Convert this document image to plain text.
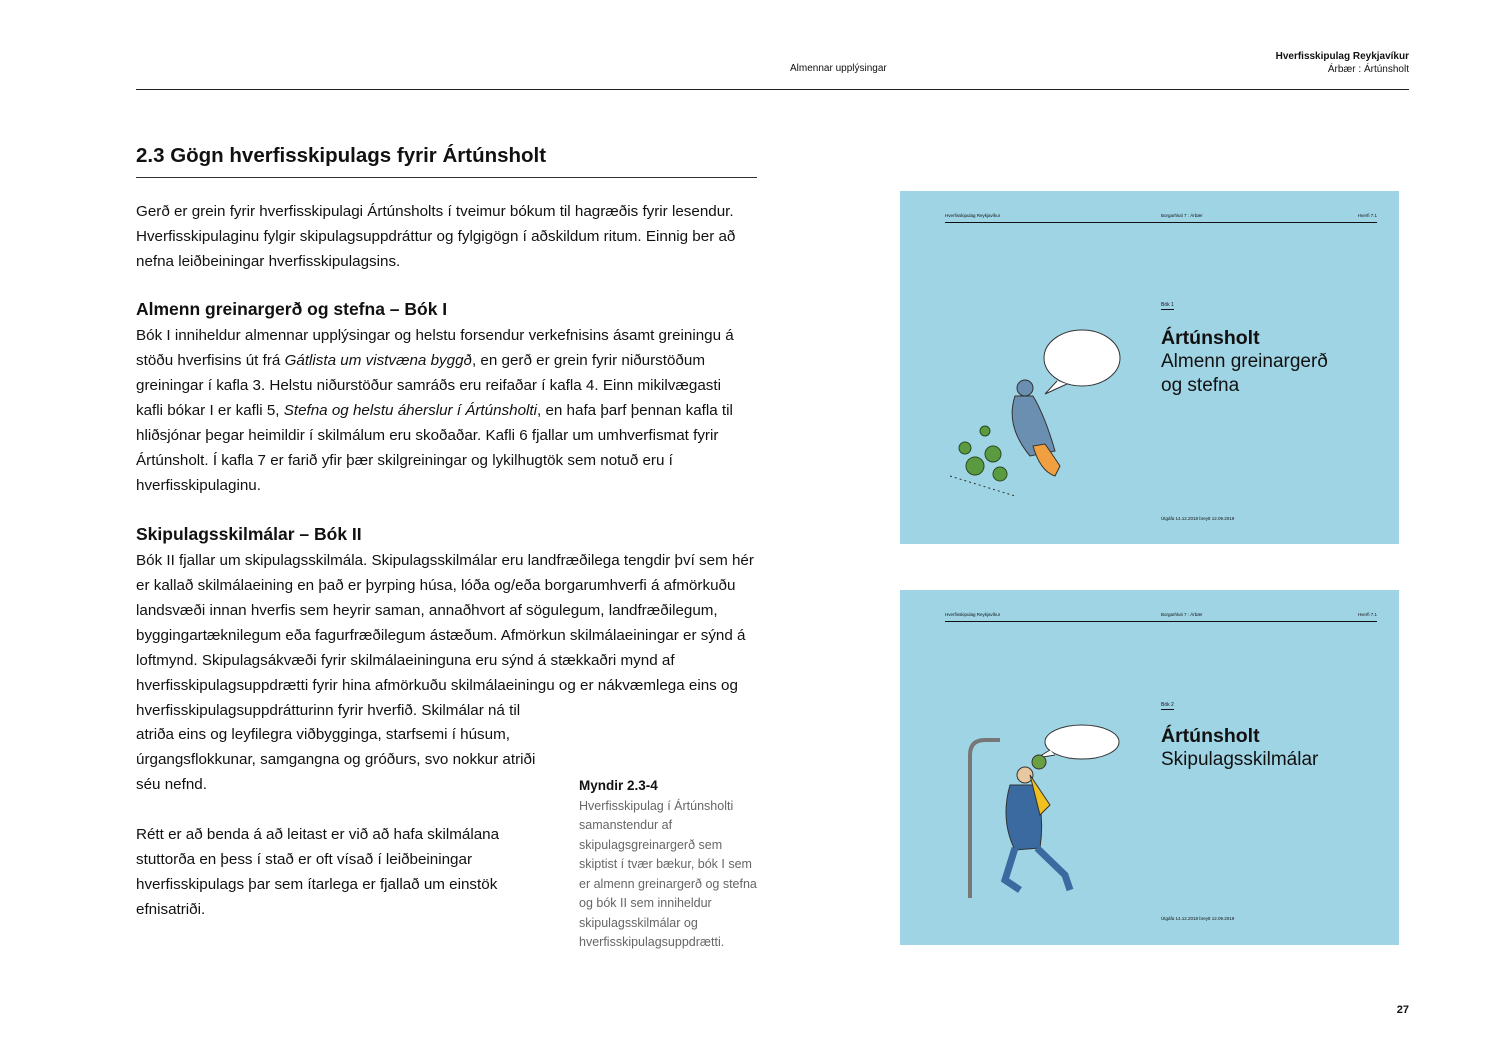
Almennar upplýsingar
Hverfisskipulag Reykjavíkur
Árbær : Ártúnsholt
2.3 Gögn hverfisskipulags fyrir Ártúnsholt

Gerð er grein fyrir hverfisskipulagi Ártúnsholts í tveimur bókum til hagræðis fyrir lesendur. Hverfisskipulaginu fylgir skipulagsuppdráttur og fylgigögn í aðskildum ritum. Einnig ber að nefna leiðbeiningar hverfisskipulagsins.

Almenn greinargerð og stefna – Bók I

Bók I inniheldur almennar upplýsingar og helstu forsendur verkefnisins ásamt greiningu á stöðu hverfisins út frá Gátlista um vistvæna byggð, en gerð er grein fyrir niðurstöðum greiningar í kafla 3. Helstu niðurstöður samráðs eru reifaðar í kafla 4. Einn mikilvægasti kafli bókar I er kafli 5, Stefna og helstu áherslur í Ártúnsholti, en hafa þarf þennan kafla til hliðsjónar þegar heimildir í skilmálum eru skoðaðar. Kafli 6 fjallar um umhverfismat fyrir Ártúnsholt. Í kafla 7 er farið yfir þær skilgreiningar og lykilhugtök sem notuð eru í hverfisskipulaginu.

Skipulagsskilmálar – Bók II

Bók II fjallar um skipulagsskilmála. Skipulagsskilmálar eru landfræðilega tengdir því sem hér er kallað skilmálaeining en það er þyrping húsa, lóða og/eða borgarumhverfi á afmörkuðu landsvæði innan hverfis sem heyrir saman, annaðhvort af sögulegum, landfræðilegum, byggingartæknilegum eða fagurfræðilegum ástæðum. Afmörkun skilmálaeiningar er sýnd á loftmynd. Skipulagsákvæði fyrir skilmálaeininguna eru sýnd á stækkaðri mynd af hverfisskipulagsuppdrætti fyrir hina afmörkuðu skilmálaeiningu og er nákvæmlega eins og hverfisskipulagsuppdrátturinn fyrir hverfið. Skilmálar ná til

atriða eins og leyfilegra viðbygginga, starfsemi í húsum, úrgangsflokkunar, samgangna og gróðurs, svo nokkur atriði séu nefnd.

Rétt er að benda á að leitast er við að hafa skilmálana stuttorða en þess í stað er oft vísað í leiðbeiningar hverfisskipulags þar sem ítarlega er fjallað um einstök efnisatriði.

Myndir 2.3-4
Hverfisskipulag í Ártúnsholti samanstendur af skipulagsgreinargerð sem skiptist í tvær bækur, bók I sem er almenn greinargerð og stefna og bók II sem inniheldur skipulagsskilmálar og hverfisskipulagsuppdrætti.
Hverfisskipulag Reykjavíkur	Borgarhluti 7 : Árbær	Hverfi 7.1
Bók 1
Ártúnsholt
Almenn greinargerð og stefna
Útgáfa 14.12.2018 breytt 12.09.2019
Hverfisskipulag Reykjavíkur	Borgarhluti 7 : Árbær	Hverfi 7.1
Bók 2
Ártúnsholt
Skipulagsskilmálar
Útgáfa 14.12.2018 breytt 12.09.2019
27
